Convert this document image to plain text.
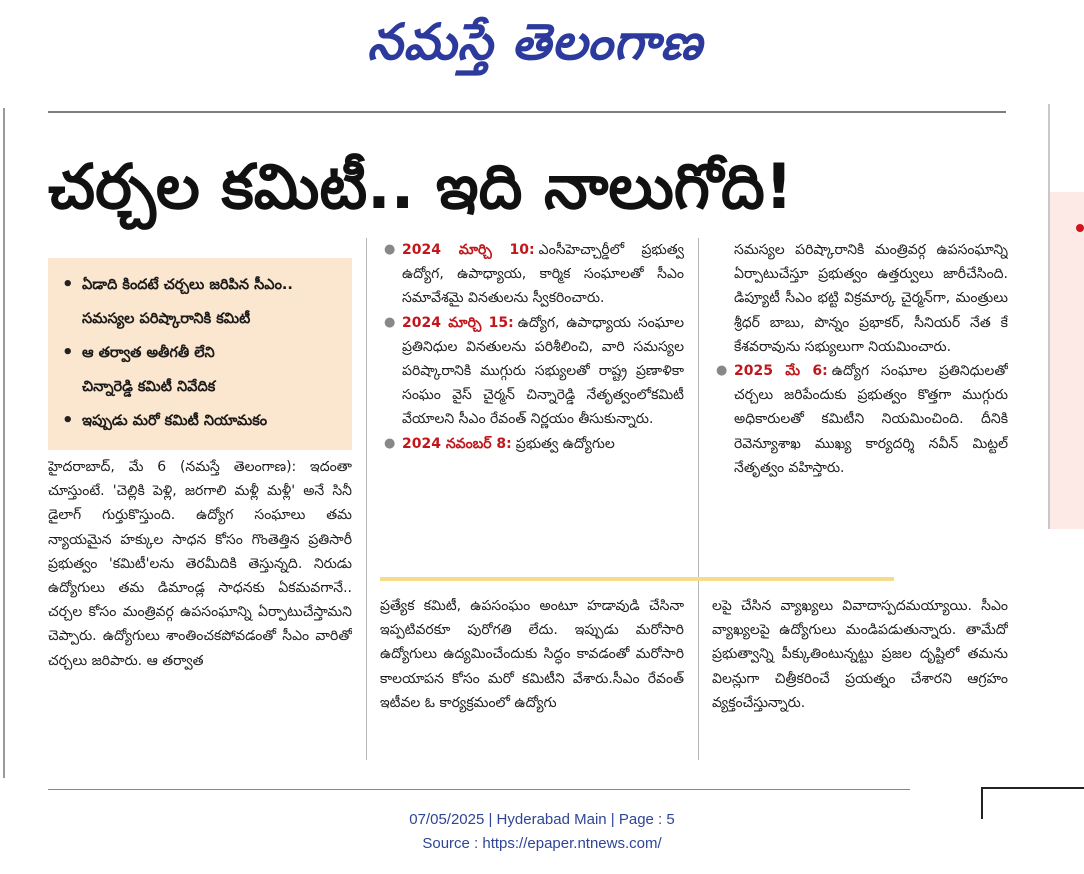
నమస్తే తెలంగాణ
చర్చల కమిటీ.. ఇది నాలుగోది!
• ఏడాది కిందటే చర్చలు జరిపిన సీఎం..
సమస్యల పరిష్కారానికి కమిటీ
• ఆ తర్వాత అతీగతీ లేని
చిన్నారెడ్డి కమిటీ నివేదిక
• ఇప్పుడు మరో కమిటీ నియామకం

హైదరాబాద్, మే 6 (నమస్తే తెలంగాణ): ఇదంతా చూస్తుంటే. 'చెల్లికి పెళ్లి, జరగాలి మళ్లీ మళ్లీ' అనే సినీ డైలాగ్ గుర్తుకొస్తుంది. ఉద్యోగ సంఘాలు తమ న్యాయమైన హక్కుల సాధన కోసం గొంతెత్తిన ప్రతిసారీ ప్రభుత్వం 'కమిటీ'లను తెరమీదికి తెస్తున్నది. నిరుడు ఉద్యోగులు తమ డిమాండ్ల సాధనకు ఏకమవగానే.. చర్చల కోసం మంత్రివర్గ ఉపసంఘాన్ని ఏర్పాటుచేస్తామని చెప్పారు. ఉద్యోగులు శాంతించకపోవడంతో సీఎం వారితో చర్చలు జరిపారు. ఆ తర్వాత

● 2024 మార్చి 10: ఎంసీహెచ్చార్డీలో ప్రభుత్వ ఉద్యోగ, ఉపాధ్యాయ, కార్మిక సంఘాలతో సీఎం సమావేశమై వినతులను స్వీకరించారు.
● 2024 మార్చి 15: ఉద్యోగ, ఉపాధ్యాయ సంఘాల ప్రతినిధుల వినతులను పరిశీలించి, వారి సమస్యల పరిష్కారానికి ముగ్గురు సభ్యులతో రాష్ట్ర ప్రణాళికా సంఘం వైస్ చైర్మన్ చిన్నారెడ్డి నేతృత్వంలోకమిటీ వేయాలని సీఎం రేవంత్ నిర్ణయం తీసుకున్నారు.
● 2024 నవంబర్ 8: ప్రభుత్వ ఉద్యోగుల

సమస్యల పరిష్కారానికి మంత్రివర్గ ఉపసంఘాన్ని ఏర్పాటుచేస్తూ ప్రభుత్వం ఉత్తర్వులు జారీచేసింది. డిప్యూటీ సీఎం భట్టి విక్రమార్క చైర్మన్‌గా, మంత్రులు శ్రీధర్ బాబు, పొన్నం ప్రభాకర్, సీనియర్ నేత కే కేశవరావును సభ్యులుగా నియమించారు.

● 2025 మే 6: ఉద్యోగ సంఘాల ప్రతినిధులతో చర్చలు జరిపేందుకు ప్రభుత్వం కొత్తగా ముగ్గురు అధికారులతో కమిటీని నియమించింది. దీనికి రెవెన్యూశాఖ ముఖ్య కార్యదర్శి నవీన్ మిట్టల్ నేతృత్వం వహిస్తారు.

ప్రత్యేక కమిటీ, ఉపసంఘం అంటూ హడావుడి చేసినా ఇప్పటివరకూ పురోగతి లేదు. ఇప్పుడు మరోసారి ఉద్యోగులు ఉద్యమించేందుకు సిద్ధం కావడంతో మరోసారి కాలయాపన కోసం మరో కమిటీని వేశారు.సీఎం రేవంత్ ఇటీవల ఓ కార్యక్రమంలో ఉద్యోగు

లపై చేసిన వ్యాఖ్యలు వివాదాస్పదమయ్యాయి. సీఎం వ్యాఖ్యలపై ఉద్యోగులు మండిపడుతున్నారు. తామేదో ప్రభుత్వాన్ని పీక్కుతింటున్నట్టు ప్రజల దృష్టిలో తమను విలన్లుగా చిత్రీకరించే ప్రయత్నం చేశారని ఆగ్రహం వ్యక్తంచేస్తున్నారు.

07/05/2025 | Hyderabad Main | Page : 5
Source : https://epaper.ntnews.com/
